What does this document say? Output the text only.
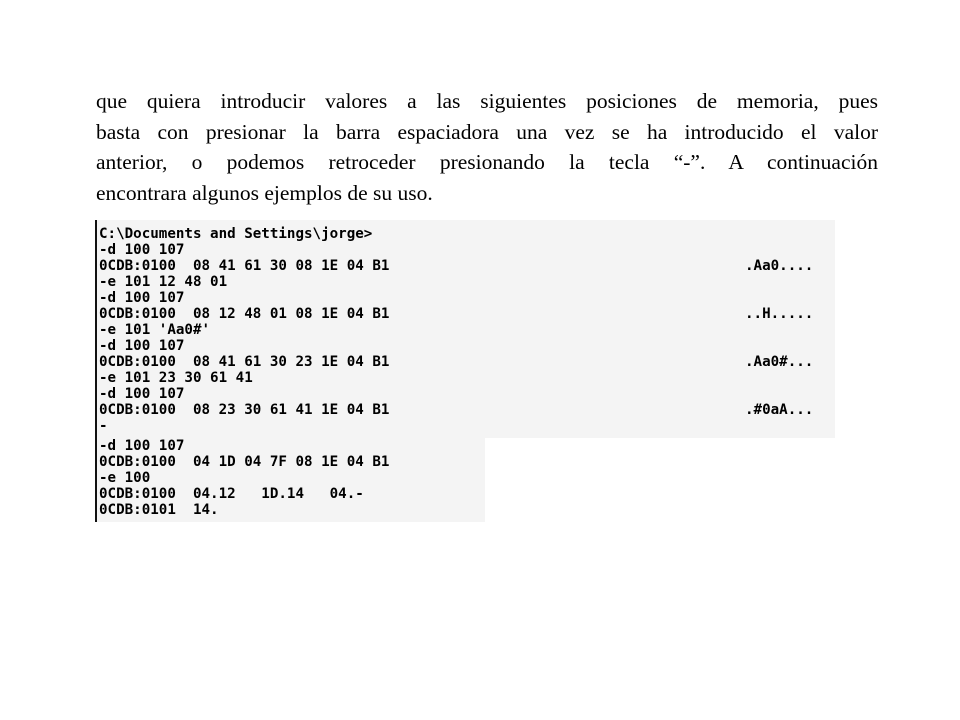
que quiera introducir valores a las siguientes posiciones de memoria, pues
basta con presionar la barra espaciadora una vez se ha introducido el valor
anterior, o podemos retroceder presionando la tecla “-”. A continuación
encontrara algunos ejemplos de su uso.
C:\Documents and Settings\jorge>
-d 100 107
0CDB:0100  08 41 61 30 08 1E 04 B1	.Aa0....
-e 101 12 48 01
-d 100 107
0CDB:0100  08 12 48 01 08 1E 04 B1	..H.....
-e 101 'Aa0#'
-d 100 107
0CDB:0100  08 41 61 30 23 1E 04 B1	.Aa0#...
-e 101 23 30 61 41
-d 100 107
0CDB:0100  08 23 30 61 41 1E 04 B1	.#0aA...
-
-d 100 107
0CDB:0100  04 1D 04 7F 08 1E 04 B1
-e 100
0CDB:0100  04.12   1D.14   04.-
0CDB:0101  14.
